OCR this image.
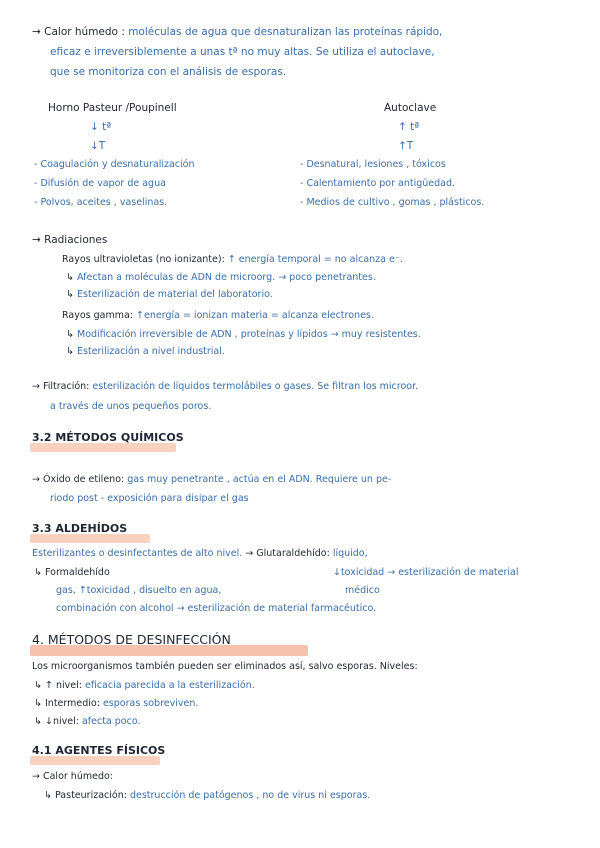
→ Calor húmedo : moléculas de agua que desnaturalizan las proteínas rápido,
eficaz e irreversiblemente a unas tª no muy altas. Se utiliza el autoclave,
que se monitoriza con el análisis de esporas.
Horno Pasteur /Poupinell
↓ tª
↓T
- Coagulación y desnaturalización
- Difusión de vapor de agua
- Polvos, aceites , vaselinas.
Autoclave
↑ tª
↑T
- Desnatural, lesiones , tóxicos
- Calentamiento por antigüedad.
- Medios de cultivo , gomas , plásticos.
→ Radiaciones
Rayos ultravioletas (no ionizante): ↑ energía temporal = no alcanza e⁻.
↳ Afectan a moléculas de ADN de microorg. → poco penetrantes.
↳ Esterilización de material del laboratorio.
Rayos gamma: ↑energía = ionizan materia = alcanza electrones.
↳ Modificación irreversible de ADN , proteínas y lípidos → muy resistentes.
↳ Esterilización a nivel industrial.
→ Filtración: esterilización de líquidos termolábiles o gases. Se filtran los microor.
a través de unos pequeños poros.
3.2 MÉTODOS QUÍMICOS
→ Óxido de etileno: gas muy penetrante , actúa en el ADN. Requiere un pe-
riodo post - exposición para disipar el gas
3.3 ALDEHÍDOS
Esterilizantes o desinfectantes de alto nivel. → Glutaraldehído: líquido,
↳ Formaldehído	↓toxicidad → esterilización de material
médico
gas, ↑toxicidad , disuelto en agua,
combinación con alcohol → esterilización de material farmacéutico.
4. MÉTODOS DE DESINFECCIÓN
Los microorganismos también pueden ser eliminados así, salvo esporas. Niveles:
↳ ↑ nivel: eficacia parecida a la esterilización.
↳ Intermedio: esporas sobreviven.
↳ ↓nivel: afecta poco.
4.1 AGENTES FÍSICOS
→ Calor húmedo:
↳ Pasteurización: destrucción de patógenos , no de virus ni esporas.
